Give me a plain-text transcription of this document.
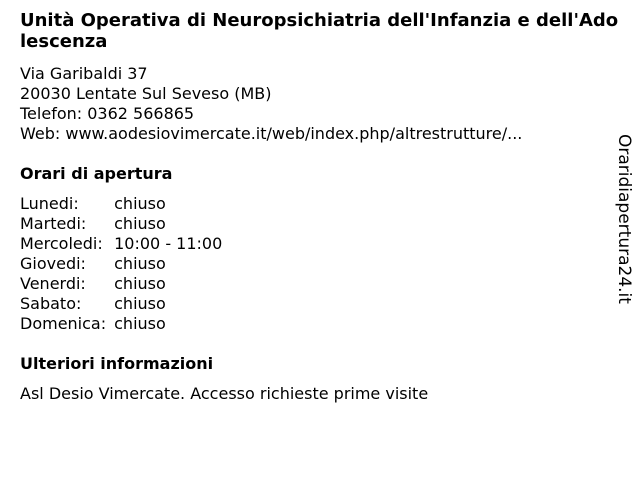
Unità Operativa di Neuropsichiatria dell'Infanzia e dell'Adolescenza
Via Garibaldi 37
20030 Lentate Sul Seveso (MB)
Telefon: 0362 566865
Web: www.aodesiovimercate.it/web/index.php/altrestrutture/...
Orari di apertura
Lunedi:	chiuso
Martedi:	chiuso
Mercoledi:	10:00 - 11:00
Giovedi:	chiuso
Venerdi:	chiuso
Sabato:	chiuso
Domenica:	chiuso
Ulteriori informazioni
Asl Desio Vimercate. Accesso richieste prime visite
Oraridiapertura24.it
